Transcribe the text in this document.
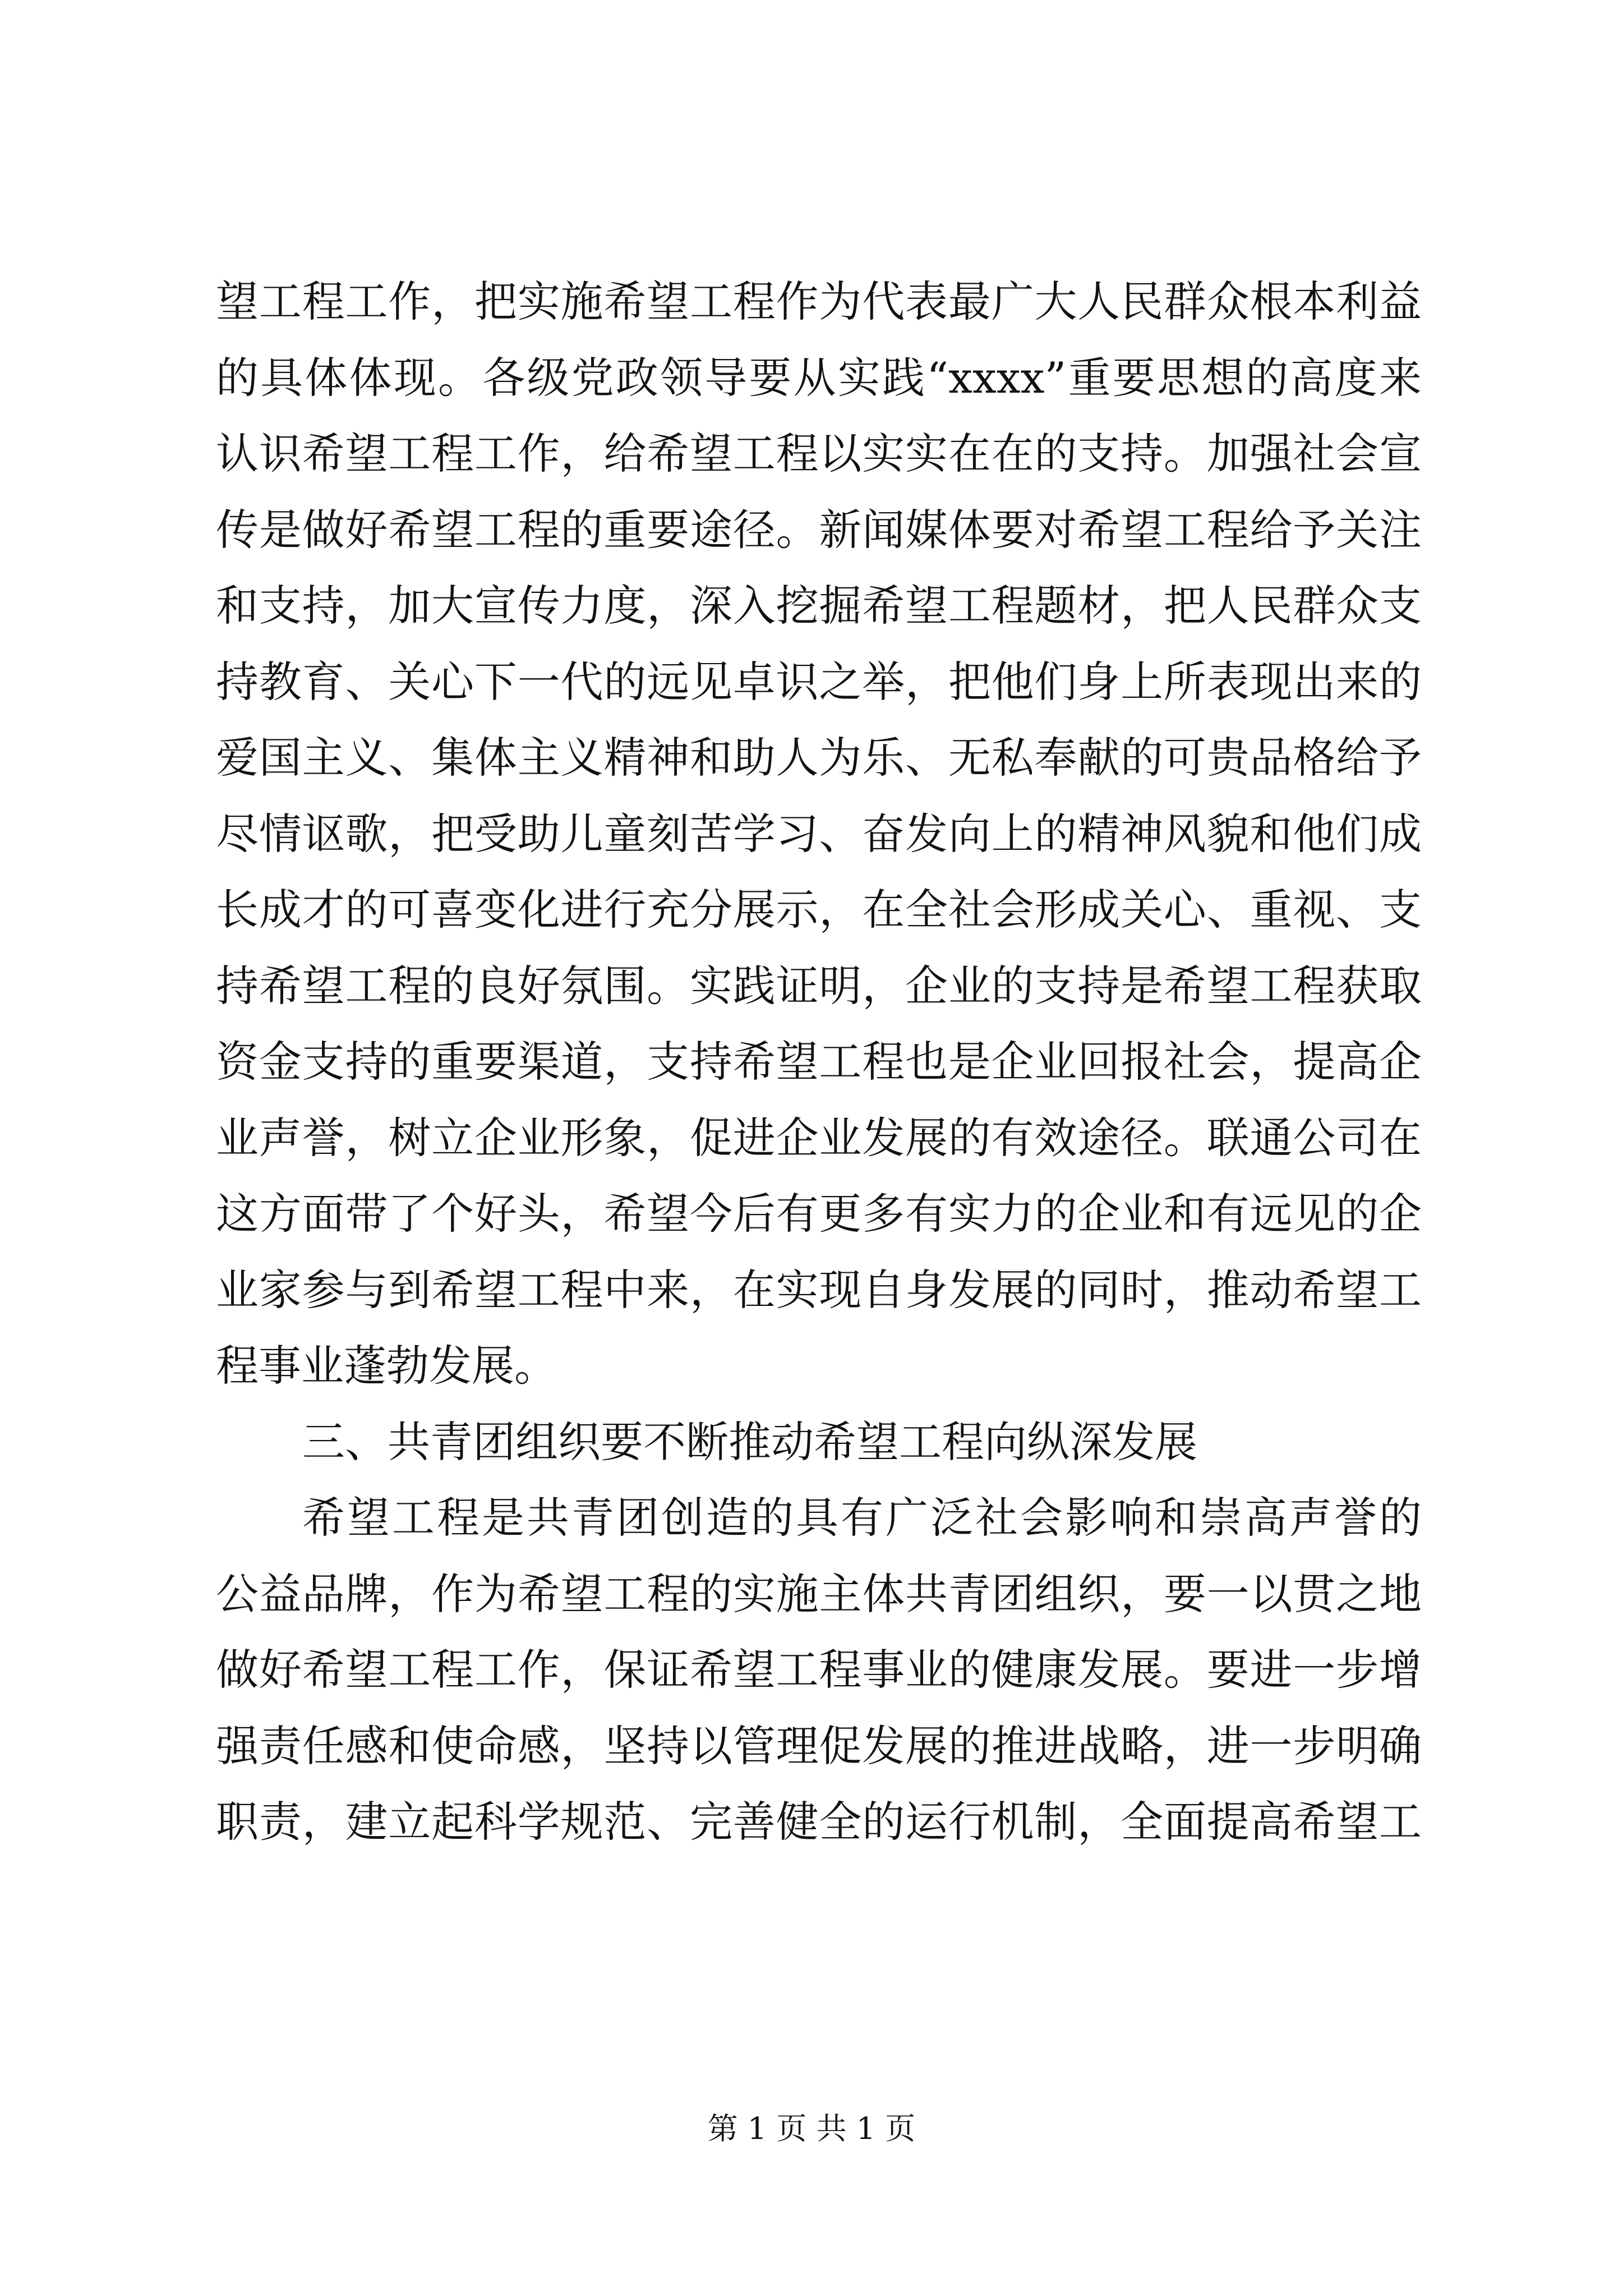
望工程工作，把实施希望工程作为代表最广大人民群众根本利益
的具体体现。各级党政领导要从实践“xxxx”重要思想的高度来
认识希望工程工作，给希望工程以实实在在的支持。加强社会宣
传是做好希望工程的重要途径。新闻媒体要对希望工程给予关注
和支持，加大宣传力度，深入挖掘希望工程题材，把人民群众支
持教育、关心下一代的远见卓识之举，把他们身上所表现出来的
爱国主义、集体主义精神和助人为乐、无私奉献的可贵品格给予
尽情讴歌，把受助儿童刻苦学习、奋发向上的精神风貌和他们成
长成才的可喜变化进行充分展示，在全社会形成关心、重视、支
持希望工程的良好氛围。实践证明，企业的支持是希望工程获取
资金支持的重要渠道，支持希望工程也是企业回报社会，提高企
业声誉，树立企业形象，促进企业发展的有效途径。联通公司在
这方面带了个好头，希望今后有更多有实力的企业和有远见的企
业家参与到希望工程中来，在实现自身发展的同时，推动希望工
程事业蓬勃发展。
三、共青团组织要不断推动希望工程向纵深发展
希望工程是共青团创造的具有广泛社会影响和崇高声誉的
公益品牌，作为希望工程的实施主体共青团组织，要一以贯之地
做好希望工程工作，保证希望工程事业的健康发展。要进一步增
强责任感和使命感，坚持以管理促发展的推进战略，进一步明确
职责，建立起科学规范、完善健全的运行机制，全面提高希望工
第 1 页 共 1 页
